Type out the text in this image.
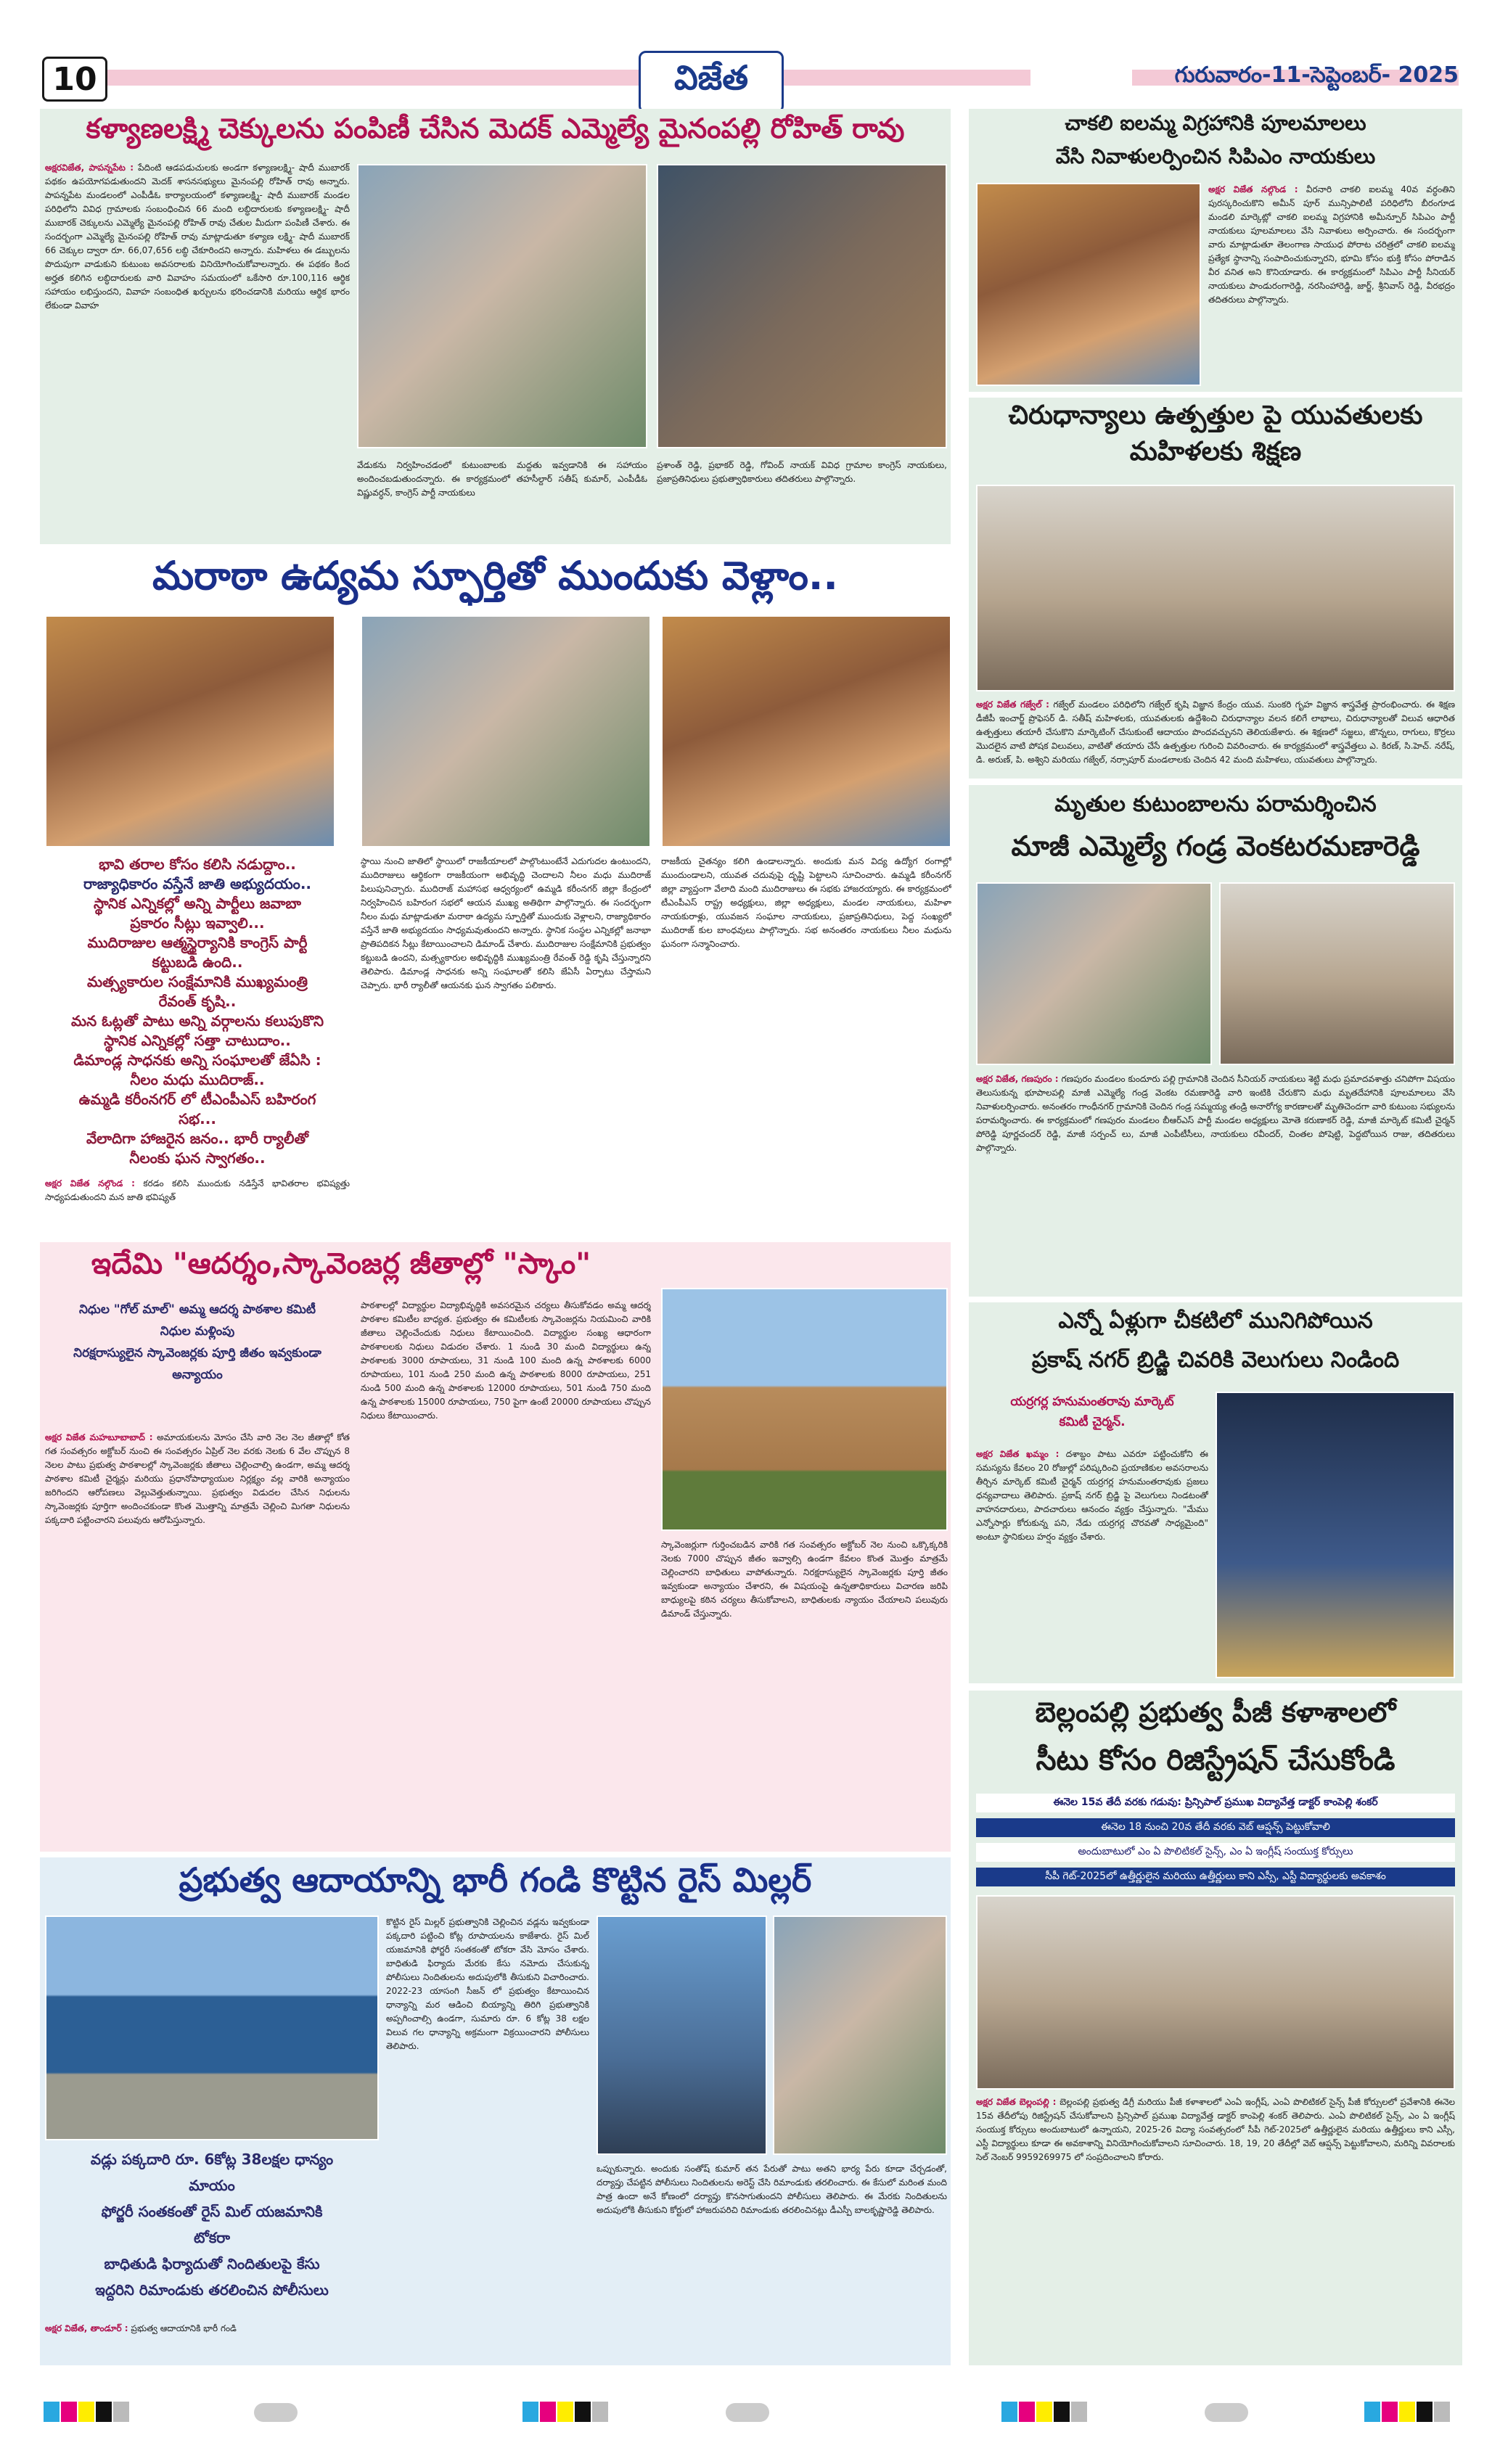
10	విజేత	గురువారం-11-సెప్టెంబర్- 2025
కళ్యాణలక్ష్మి చెక్కులను పంపిణీ చేసిన మెదక్ ఎమ్మెల్యే మైనంపల్లి రోహిత్ రావు
అక్షరవిజేత, పాపన్నపేట : పేదింటి ఆడపడుచులకు అండగా కళ్యాణలక్ష్మి- షాదీ ముబారక్ పథకం ఉపయోగపడుతుందని మెదక్ శాసనసభ్యులు మైనంపల్లి రోహిత్ రావు అన్నారు. పాపన్నపేట మండలంలో ఎంపీడీఓ కార్యాలయంలో కళ్యాణలక్ష్మి- షాదీ ముబారక్ మండల పరిధిలోని వివిధ గ్రామాలకు సంబంధించిన 66 మంది లబ్ధిదారులకు కళ్యాణలక్ష్మి- షాదీ ముబారక్ చెక్కులను ఎమ్మెల్యే మైనంపల్లి రోహిత్ రావు చేతుల మీదుగా పంపిణీ చేశారు. ఈ సందర్భంగా ఎమ్మెల్యే మైనంపల్లి రోహిత్ రావు మాట్లాడుతూ కళ్యాణ లక్ష్మి- షాదీ ముబారక్ 66 చెక్కుల ద్వారా రూ. 66,07,656 లబ్ధి చేకూరిందని అన్నారు. మహిళలు ఈ డబ్బులను పొదుపుగా వాడుకుని కుటుంబ అవసరాలకు వినియోగించుకోవాలన్నారు. ఈ పథకం కింద అర్హత కలిగిన లబ్ధిదారులకు వారి వివాహం సమయంలో ఒకేసారి రూ.100,116 ఆర్థిక సహాయం లభిస్తుందని, వివాహ సంబంధిత ఖర్చులను భరించడానికి మరియు ఆర్థిక భారం లేకుండా వివాహ
వేడుకను నిర్వహించడంలో కుటుంబాలకు మద్దతు ఇవ్వడానికి ఈ సహాయం అందించబడుతుందన్నారు. ఈ కార్యక్రమంలో తహసీల్దార్ సతీష్ కుమార్, ఎంపీడీఓ విష్ణువర్ధన్, కాంగ్రెస్ పార్టీ నాయకులు
ప్రశాంత్ రెడ్డి, ప్రభాకర్ రెడ్డి, గోవింద్ నాయక్ వివిధ గ్రామాల కాంగ్రెస్ నాయకులు, ప్రజాప్రతినిధులు ప్రభుత్వాధికారులు తదితరులు పాల్గొన్నారు.
చాకలి ఐలమ్మ విగ్రహానికి పూలమాలలు
వేసి నివాళులర్పించిన సిపిఎం నాయకులు
అక్షర విజేత నల్గొండ : వీరనారి చాకలి ఐలమ్మ 40వ వర్ధంతిని పురస్కరించుకొని అమీన్ పూర్ మున్సిపాలిటీ పరిధిలోని బీరంగూడ మండలి మార్కెట్లో చాకలి ఐలమ్మ విగ్రహానికి అమీన్పూర్ సిపిఎం పార్టీ నాయకులు పూలమాలలు వేసి నివాళులు అర్పించారు. ఈ సందర్భంగా వారు మాట్లాడుతూ తెలంగాణ సాయుధ పోరాట చరిత్రలో చాకలి ఐలమ్మ ప్రత్యేక స్థానాన్ని సంపాదించుకున్నారని, భూమి కోసం భుక్తి కోసం పోరాడిన వీర వనిత అని కొనియాడారు. ఈ కార్యక్రమంలో సిపిఎం పార్టీ సీనియర్ నాయకులు పాండురంగారెడ్డి, నరసింహారెడ్డి, జార్జ్, శ్రీనివాస్ రెడ్డి, వీరభద్రం తదితరులు పాల్గొన్నారు.
చిరుధాన్యాలు ఉత్పత్తుల పై యువతులకు
మహిళలకు శిక్షణ
అక్షర విజేత గజ్వేల్ : గజ్వేల్ మండలం పరిధిలోని గజ్వేల్ కృషి విజ్ఞాన కేంద్రం యువ. సుంకరి గృహ విజ్ఞాన శాస్త్రవేత్త ప్రారంభించారు. ఈ శిక్షణ డీజీపీ ఇంచార్జ్ ప్రొఫెసర్ డి. సతీష్ మహిళలకు, యువతులకు ఉద్దేశించి చిరుధాన్యాల వలన కలిగే లాభాలు, చిరుధాన్యాలతో విలువ ఆధారిత ఉత్పత్తులు తయారీ చేసుకొని మార్కెటింగ్ చేసుకుంటే ఆదాయం పొందవచ్చునని తెలియజేశారు. ఈ శిక్షణలో సజ్జలు, జొన్నలు, రాగులు, కొర్రలు మొదలైన వాటి పోషక విలువలు, వాటితో తయారు చేసే ఉత్పత్తుల గురించి వివరించారు. ఈ కార్యక్రమంలో శాస్త్రవేత్తలు ఎ. కిరణ్, సి.హెచ్. నరేష్, డి. అరుణ్, పి. అశ్విని మరియు గజ్వేల్, నర్సాపూర్ మండలాలకు చెందిన 42 మంది మహిళలు, యువతులు పాల్గొన్నారు.
మరాఠా ఉద్యమ స్ఫూర్తితో ముందుకు వెళ్లాం..
భావి తరాల కోసం కలిసి నడుద్దాం..
రాజ్యాధికారం వస్తేనే జాతి అభ్యుదయం..
స్థానిక ఎన్నికల్లో అన్ని పార్టీలు జవాబా
ప్రకారం సీట్లు ఇవ్వాలి...
ముదిరాజుల ఆత్మస్థైర్యానికి కాంగ్రెస్ పార్టీ
కట్టుబడి ఉంది..
మత్స్యకారుల సంక్షేమానికి ముఖ్యమంత్రి
రేవంత్ కృషి..
మన ఓట్లతో పాటు అన్ని వర్గాలను కలుపుకొని
స్థానిక ఎన్నికల్లో సత్తా చాటుదాం..
డిమాండ్ల సాధనకు అన్ని సంఘాలతో జేఏసి :
నీలం మధు ముదిరాజ్..
ఉమ్మడి కరీంనగర్ లో టీఎంపీఎస్ బహిరంగ
సభ...
వేలాదిగా హాజరైన జనం.. భారీ ర్యాలీతో
నీలంకు ఘన స్వాగతం..
అక్షర విజేత నల్గొండ : కరడం కలిసి ముందుకు నడిస్తేనే భావితరాల భవిష్యత్తు సాధ్యపడుతుందని మన జాతి భవిష్యత్
స్థాయి నుంచి జాతిలో స్థాయిలో రాజకీయాలలో పాల్గొంటుంటేనే ఎదుగుదల ఉంటుందని, ముదిరాజులు ఆర్థికంగా రాజకీయంగా అభివృద్ధి చెందాలని నీలం మధు ముదిరాజ్ పిలుపునిచ్చారు. ముదిరాజ్ మహాసభ ఆధ్వర్యంలో ఉమ్మడి కరీంనగర్ జిల్లా కేంద్రంలో నిర్వహించిన బహిరంగ సభలో ఆయన ముఖ్య అతిథిగా పాల్గొన్నారు. ఈ సందర్భంగా నీలం మధు మాట్లాడుతూ మరాఠా ఉద్యమ స్ఫూర్తితో ముందుకు వెళ్లాలని, రాజ్యాధికారం వస్తేనే జాతి అభ్యుదయం సాధ్యమవుతుందని అన్నారు. స్థానిక సంస్థల ఎన్నికల్లో జనాభా ప్రాతిపదికన సీట్లు కేటాయించాలని డిమాండ్ చేశారు. ముదిరాజుల సంక్షేమానికి ప్రభుత్వం కట్టుబడి ఉందని, మత్స్యకారుల అభివృద్ధికి ముఖ్యమంత్రి రేవంత్ రెడ్డి కృషి చేస్తున్నారని తెలిపారు. డిమాండ్ల సాధనకు అన్ని సంఘాలతో కలిసి జేఏసీ ఏర్పాటు చేస్తామని చెప్పారు. భారీ ర్యాలీతో ఆయనకు ఘన స్వాగతం పలికారు.
రాజకీయ చైతన్యం కలిగి ఉండాలన్నారు. అందుకు మన విద్య ఉద్యోగ రంగాల్లో ముందుండాలని, యువత చదువుపై దృష్టి పెట్టాలని సూచించారు. ఉమ్మడి కరీంనగర్ జిల్లా వ్యాప్తంగా వేలాది మంది ముదిరాజులు ఈ సభకు హాజరయ్యారు. ఈ కార్యక్రమంలో టీఎంపీఎస్ రాష్ట్ర అధ్యక్షులు, జిల్లా అధ్యక్షులు, మండల నాయకులు, మహిళా నాయకురాళ్లు, యువజన సంఘాల నాయకులు, ప్రజాప్రతినిధులు, పెద్ద సంఖ్యలో ముదిరాజ్ కుల బాంధవులు పాల్గొన్నారు. సభ అనంతరం నాయకులు నీలం మధును ఘనంగా సన్మానించారు.
మృతుల కుటుంబాలను పరామర్శించిన
మాజీ ఎమ్మెల్యే గండ్ర వెంకటరమణారెడ్డి
అక్షర విజేత, గణపురం : గణపురం మండలం కుందూరు పల్లి గ్రామానికి చెందిన సీనియర్ నాయకులు శెట్టి మధు ప్రమాదవశాత్తు చనిపోగా విషయం తెలుసుకున్న భూపాలపల్లి మాజీ ఎమ్మెల్యే గండ్ర వెంకట రమణారెడ్డి వారి ఇంటికి చేరుకొని మధు మృతదేహానికి పూలమాలలు వేసి నివాళులర్పించారు. అనంతరం గాంధీనగర్ గ్రామానికి చెందిన గండ్ర సమ్మయ్య తండ్రి అనారోగ్య కారణాలతో మృతిచెందగా వారి కుటుంబ సభ్యులను పరామర్శించారు. ఈ కార్యక్రమంలో గణపురం మండలం బీఆర్ఎస్ పార్టీ మండల అధ్యక్షులు మోతె కరుణాకర్ రెడ్డి, మాజీ మార్కెట్ కమిటీ చైర్మన్ పోరెడ్డి పూర్ణచందర్ రెడ్డి, మాజీ సర్పంచ్ లు, మాజీ ఎంపీటీసీలు, నాయకులు రవీందర్, చింతల పోషెట్టి, పెద్దబోయిన రాజు, తదితరులు పాల్గొన్నారు.
ఇదేమి "ఆదర్శం,స్కావెంజర్ల జీతాల్లో "స్కాం"
నిధుల "గోల్ మాల్" అమ్మ ఆదర్శ పాఠశాల కమిటీ
నిధుల మళ్లింపు
నిరక్షరాస్యులైన స్కావెంజర్లకు పూర్తి జీతం ఇవ్వకుండా
అన్యాయం
అక్షర విజేత మహబూబాబాద్ : అమాయకులను మోసం చేసి వారి నెల నెల జీతాల్లో కోత గత సంవత్సరం అక్టోబర్ నుంచి ఈ సంవత్సరం ఏప్రిల్ నెల వరకు నెలకు 6 వేల చొప్పున 8 నెలల పాటు ప్రభుత్వ పాఠశాలల్లో స్కావెంజర్లకు జీతాలు చెల్లించాల్సి ఉండగా, అమ్మ ఆదర్శ పాఠశాల కమిటీ చైర్మన్లు మరియు ప్రధానోపాధ్యాయుల నిర్లక్ష్యం వల్ల వారికి అన్యాయం జరిగిందని ఆరోపణలు వెల్లువెత్తుతున్నాయి. ప్రభుత్వం విడుదల చేసిన నిధులను స్కావెంజర్లకు పూర్తిగా అందించకుండా కొంత మొత్తాన్ని మాత్రమే చెల్లించి మిగతా నిధులను పక్కదారి పట్టించారని పలువురు ఆరోపిస్తున్నారు.
పాఠశాలల్లో విద్యార్థుల విద్యాభివృద్ధికి అవసరమైన చర్యలు తీసుకోవడం అమ్మ ఆదర్శ పాఠశాల కమిటీల బాధ్యత. ప్రభుత్వం ఈ కమిటీలకు స్కావెంజర్లను నియమించి వారికి జీతాలు చెల్లించేందుకు నిధులు కేటాయించింది. విద్యార్థుల సంఖ్య ఆధారంగా పాఠశాలలకు నిధులు విడుదల చేశారు. 1 నుండి 30 మంది విద్యార్థులు ఉన్న పాఠశాలకు 3000 రూపాయలు, 31 నుండి 100 మంది ఉన్న పాఠశాలకు 6000 రూపాయలు, 101 నుండి 250 మంది ఉన్న పాఠశాలకు 8000 రూపాయలు, 251 నుండి 500 మంది ఉన్న పాఠశాలకు 12000 రూపాయలు, 501 నుండి 750 మంది ఉన్న పాఠశాలకు 15000 రూపాయలు, 750 పైగా ఉంటే 20000 రూపాయలు చొప్పున నిధులు కేటాయించారు.
స్కావెంజర్లుగా గుర్తించబడిన వారికి గత సంవత్సరం అక్టోబర్ నెల నుంచి ఒక్కొక్కరికి నెలకు 7000 చొప్పున జీతం ఇవ్వాల్సి ఉండగా కేవలం కొంత మొత్తం మాత్రమే చెల్లించారని బాధితులు వాపోతున్నారు. నిరక్షరాస్యులైన స్కావెంజర్లకు పూర్తి జీతం ఇవ్వకుండా అన్యాయం చేశారని, ఈ విషయంపై ఉన్నతాధికారులు విచారణ జరిపి బాధ్యులపై కఠిన చర్యలు తీసుకోవాలని, బాధితులకు న్యాయం చేయాలని పలువురు డిమాండ్ చేస్తున్నారు.
ఎన్నో ఏళ్లుగా చీకటిలో మునిగిపోయిన
ప్రకాష్ నగర్ బ్రిడ్జి చివరికి వెలుగులు నిండింది
యర్రగర్ల హనుమంతరావు మార్కెట్
కమిటీ చైర్మన్.
అక్షర విజేత ఖమ్మం : దశాబ్దం పాటు ఎవరూ పట్టించుకోని ఈ సమస్యను కేవలం 20 రోజుల్లో పరిష్కరించి ప్రయాణికుల అవసరాలను తీర్చిన మార్కెట్ కమిటీ చైర్మన్ యర్రగర్ల హనుమంతరావుకు ప్రజలు ధన్యవాదాలు తెలిపారు. ప్రకాష్ నగర్ బ్రిడ్జి పై వెలుగులు నిండటంతో వాహనదారులు, పాదచారులు ఆనందం వ్యక్తం చేస్తున్నారు. "మేము ఎన్నోసార్లు కోరుకున్న పని, నేడు యర్రగర్ల చొరవతో సాధ్యమైంది" అంటూ స్థానికులు హర్షం వ్యక్తం చేశారు.
బెల్లంపల్లి ప్రభుత్వ పీజీ కళాశాలలో
సీటు కోసం రిజిస్ట్రేషన్ చేసుకోండి
ఈనెల 15వ తేదీ వరకు గడువు: ప్రిన్సిపాల్ ప్రముఖ విద్యావేత్త డాక్టర్ కాంపెల్లి శంకర్
ఈనెల 18 నుంచి 20వ తేదీ వరకు వెబ్ ఆప్షన్స్ పెట్టుకోవాలి
అందుబాటులో ఎం ఏ పొలిటికల్ సైన్స్, ఎం ఏ ఇంగ్లీష్ సంయుక్త కోర్సులు
సీపీ గెట్-2025లో ఉత్తీర్ణులైన మరియు ఉత్తీర్ణులు కాని ఎస్సీ, ఎస్టీ విద్యార్థులకు అవకాశం
అక్షర విజేత బెల్లంపల్లి : బెల్లంపల్లి ప్రభుత్వ డిగ్రీ మరియు పీజీ కళాశాలలో ఎంఏ ఇంగ్లీష్, ఎంఏ పొలిటికల్ సైన్స్ పీజీ కోర్సులలో ప్రవేశానికి ఈనెల 15వ తేదీలోపు రిజిస్ట్రేషన్ చేసుకోవాలని ప్రిన్సిపాల్ ప్రముఖ విద్యావేత్త డాక్టర్ కాంపెల్లి శంకర్ తెలిపారు. ఎంఏ పొలిటికల్ సైన్స్, ఎం ఏ ఇంగ్లీష్ సంయుక్త కోర్సులు అందుబాటులో ఉన్నాయని, 2025-26 విద్యా సంవత్సరంలో సీపీ గెట్-2025లో ఉత్తీర్ణులైన మరియు ఉత్తీర్ణులు కాని ఎస్సీ, ఎస్టీ విద్యార్థులు కూడా ఈ అవకాశాన్ని వినియోగించుకోవాలని సూచించారు. 18, 19, 20 తేదీల్లో వెబ్ ఆప్షన్స్ పెట్టుకోవాలని, మరిన్ని వివరాలకు సెల్ నెంబర్ 9959269975 లో సంప్రదించాలని కోరారు.
ప్రభుత్వ ఆదాయాన్ని భారీ గండి కొట్టిన రైస్ మిల్లర్
వడ్లు పక్కదారి రూ. 6కోట్ల 38లక్షల ధాన్యం
మాయం
ఫోర్జరీ సంతకంతో రైస్ మిల్ యజమానికి
టోకరా
బాధితుడి ఫిర్యాదుతో నిందితులపై కేసు
ఇద్దరిని రిమాండుకు తరలించిన పోలీసులు
అక్షర విజేత, తాండూర్ : ప్రభుత్వ ఆదాయానికి భారీ గండి
కొట్టిన రైస్ మిల్లర్ ప్రభుత్వానికి చెల్లించిన వడ్లను ఇవ్వకుండా పక్కదారి పట్టించి కోట్ల రూపాయలను కాజేశారు. రైస్ మిల్ యజమానికి ఫోర్జరీ సంతకంతో టోకరా వేసి మోసం చేశారు. బాధితుడి ఫిర్యాదు మేరకు కేసు నమోదు చేసుకున్న పోలీసులు నిందితులను అదుపులోకి తీసుకుని విచారించారు. 2022-23 యాసంగి సీజన్ లో ప్రభుత్వం కేటాయించిన ధాన్యాన్ని మర ఆడించి బియ్యాన్ని తిరిగి ప్రభుత్వానికి అప్పగించాల్సి ఉండగా, సుమారు రూ. 6 కోట్ల 38 లక్షల విలువ గల ధాన్యాన్ని అక్రమంగా విక్రయించారని పోలీసులు తెలిపారు.
ఒప్పుకున్నారు. అందుకు సంతోష్ కుమార్ తన పేరుతో పాటు అతని భార్య పేరు కూడా చేర్చడంతో, దర్యాప్తు చేపట్టిన పోలీసులు నిందితులను అరెస్ట్ చేసి రిమాండుకు తరలించారు. ఈ కేసులో మరింత మంది పాత్ర ఉందా అనే కోణంలో దర్యాప్తు కొనసాగుతుందని పోలీసులు తెలిపారు. ఈ మేరకు నిందితులను అదుపులోకి తీసుకుని కోర్టులో హాజరుపరిచి రిమాండుకు తరలించినట్లు డీఎస్పీ బాలకృష్ణారెడ్డి తెలిపారు.
